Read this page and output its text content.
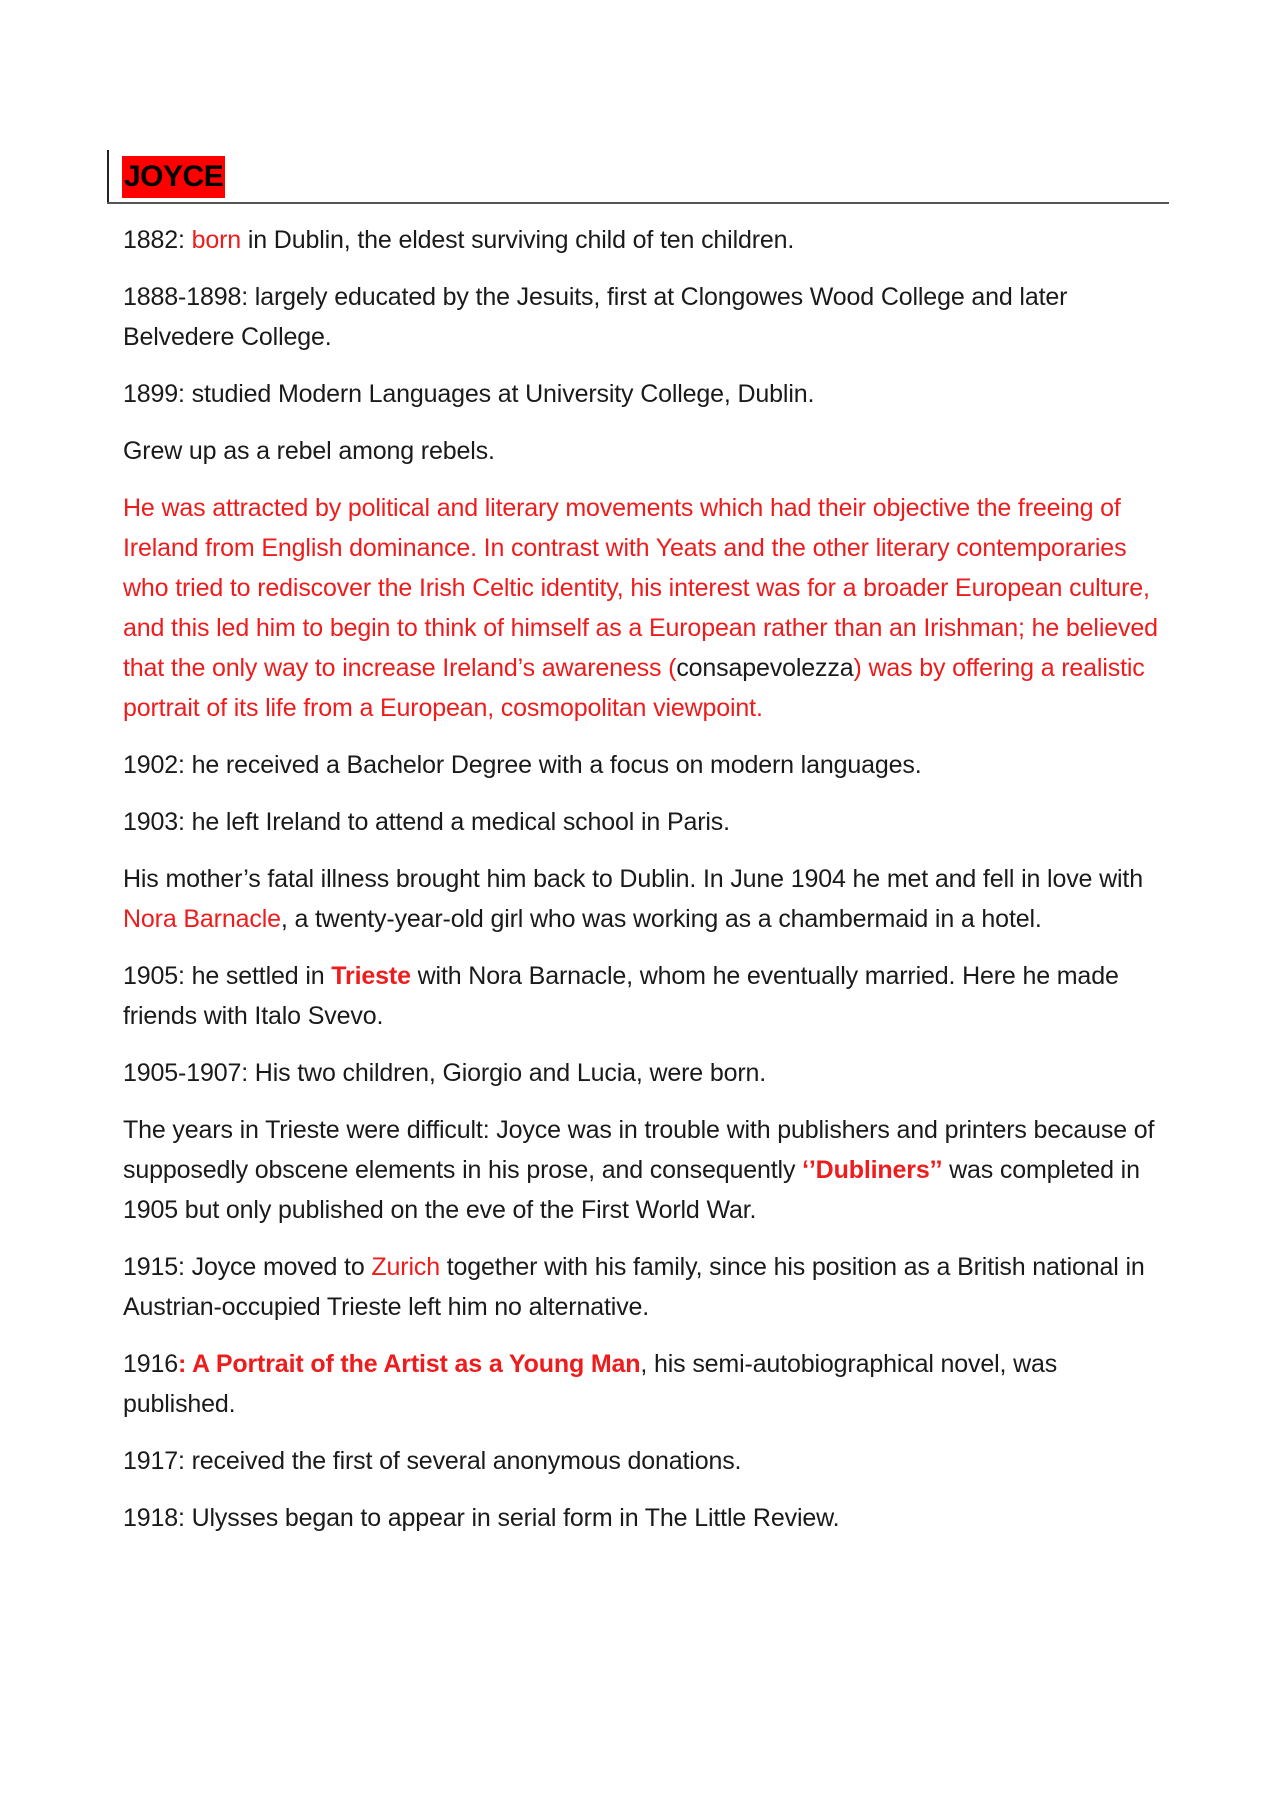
JOYCE

1882: born in Dublin, the eldest surviving child of ten children.

1888-1898: largely educated by the Jesuits, first at Clongowes Wood College and later Belvedere College.

1899: studied Modern Languages at University College, Dublin.

Grew up as a rebel among rebels.

He was attracted by political and literary movements which had their objective the freeing of Ireland from English dominance. In contrast with Yeats and the other literary contemporaries who tried to rediscover the Irish Celtic identity, his interest was for a broader European culture, and this led him to begin to think of himself as a European rather than an Irishman; he believed that the only way to increase Ireland’s awareness (consapevolezza) was by offering a realistic portrait of its life from a European, cosmopolitan viewpoint.

1902: he received a Bachelor Degree with a focus on modern languages.

1903: he left Ireland to attend a medical school in Paris.

His mother’s fatal illness brought him back to Dublin. In June 1904 he met and fell in love with Nora Barnacle, a twenty-year-old girl who was working as a chambermaid in a hotel.

1905: he settled in Trieste with Nora Barnacle, whom he eventually married. Here he made friends with Italo Svevo.

1905-1907: His two children, Giorgio and Lucia, were born.

The years in Trieste were difficult: Joyce was in trouble with publishers and printers because of supposedly obscene elements in his prose, and consequently ‘’Dubliners’’ was completed in 1905 but only published on the eve of the First World War.

1915: Joyce moved to Zurich together with his family, since his position as a British national in Austrian-occupied Trieste left him no alternative.

1916: A Portrait of the Artist as a Young Man, his semi-autobiographical novel, was published.

1917: received the first of several anonymous donations.

1918: Ulysses began to appear in serial form in The Little Review.
